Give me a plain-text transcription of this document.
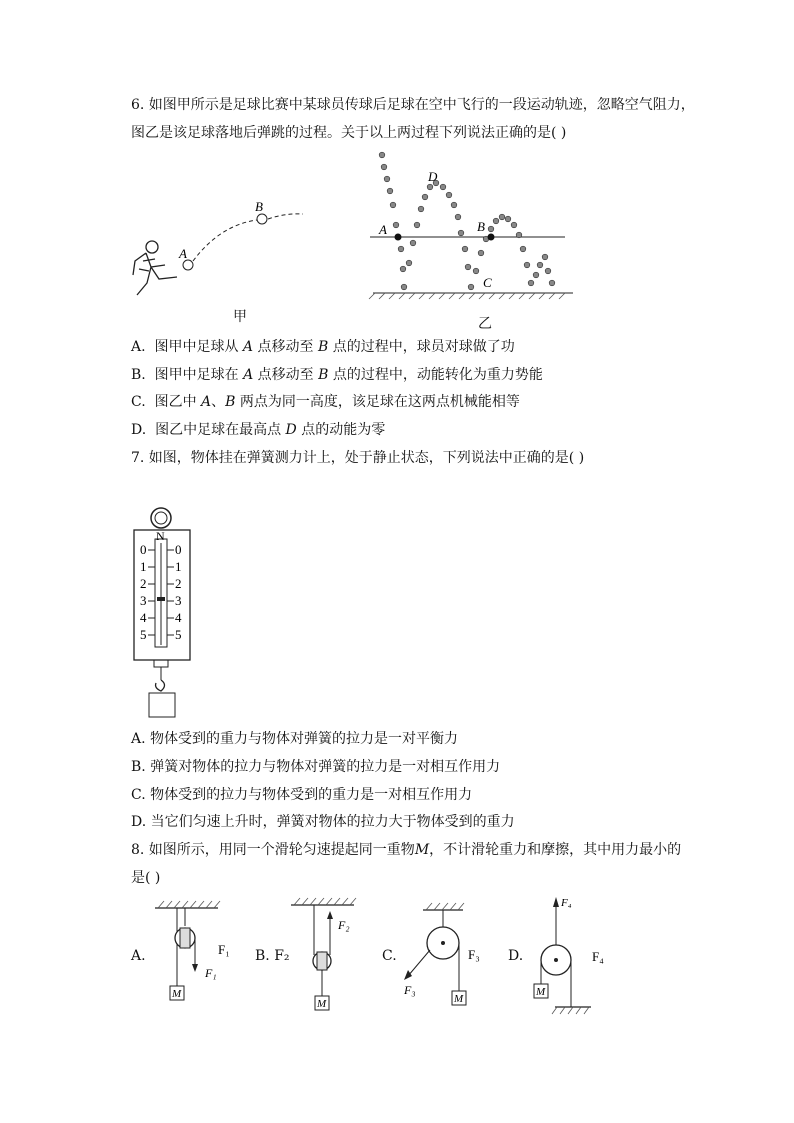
6. 如图甲所示是足球比赛中某球员传球后足球在空中飞行的一段运动轨迹，忽略空气阻力，
图乙是该足球落地后弹跳的过程。关于以上两过程下列说法正确的是( )
A
B
甲
A	B
C
D
乙
A. 图甲中足球从 A 点移动至 B 点的过程中，球员对球做了功
B. 图甲中足球在 A 点移动至 B 点的过程中，动能转化为重力势能
C. 图乙中 A、B 两点为同一高度，该足球在这两点机械能相等
D. 图乙中足球在最高点 D 点的动能为零
7. 如图，物体挂在弹簧测力计上，处于静止状态，下列说法中正确的是( )
N
0
1
2
3
4
5
0
1
2
3
4
5
A. 物体受到的重力与物体对弹簧的拉力是一对平衡力
B. 弹簧对物体的拉力与物体对弹簧的拉力是一对相互作用力
C. 物体受到的拉力与物体受到的重力是一对相互作用力
D. 当它们匀速上升时，弹簧对物体的拉力大于物体受到的重力
8. 如图所示，用同一个滑轮匀速提起同一重物M，不计滑轮重力和摩擦，其中用力最小的
是( )
A.
M
F₁
F₁
B. F₂
M
F₂
C.
M
F₃
F₃
D.
F₄
M
F₄
